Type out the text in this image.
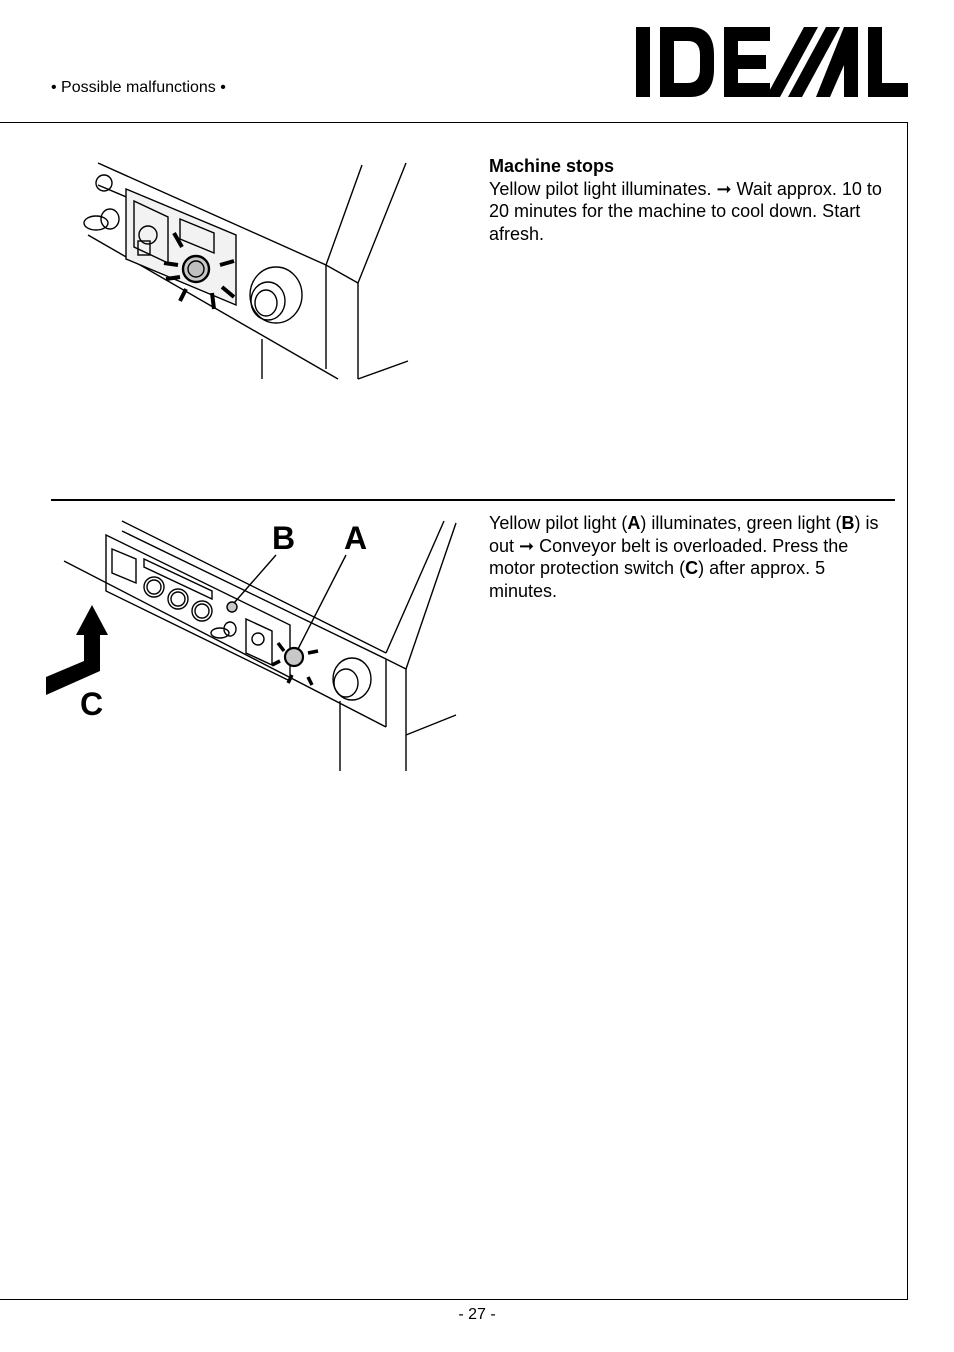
• Possible malfunctions •

Machine stops

Yellow pilot light illuminates. ➞ Wait approx. 10 to 20 minutes for the machine to cool down. Start afresh.

B A
C

Yellow pilot light (A) illuminates, green light (B) is out ➞ Conveyor belt is overloaded. Press the motor protection switch (C) after approx. 5 minutes.

- 27 -
